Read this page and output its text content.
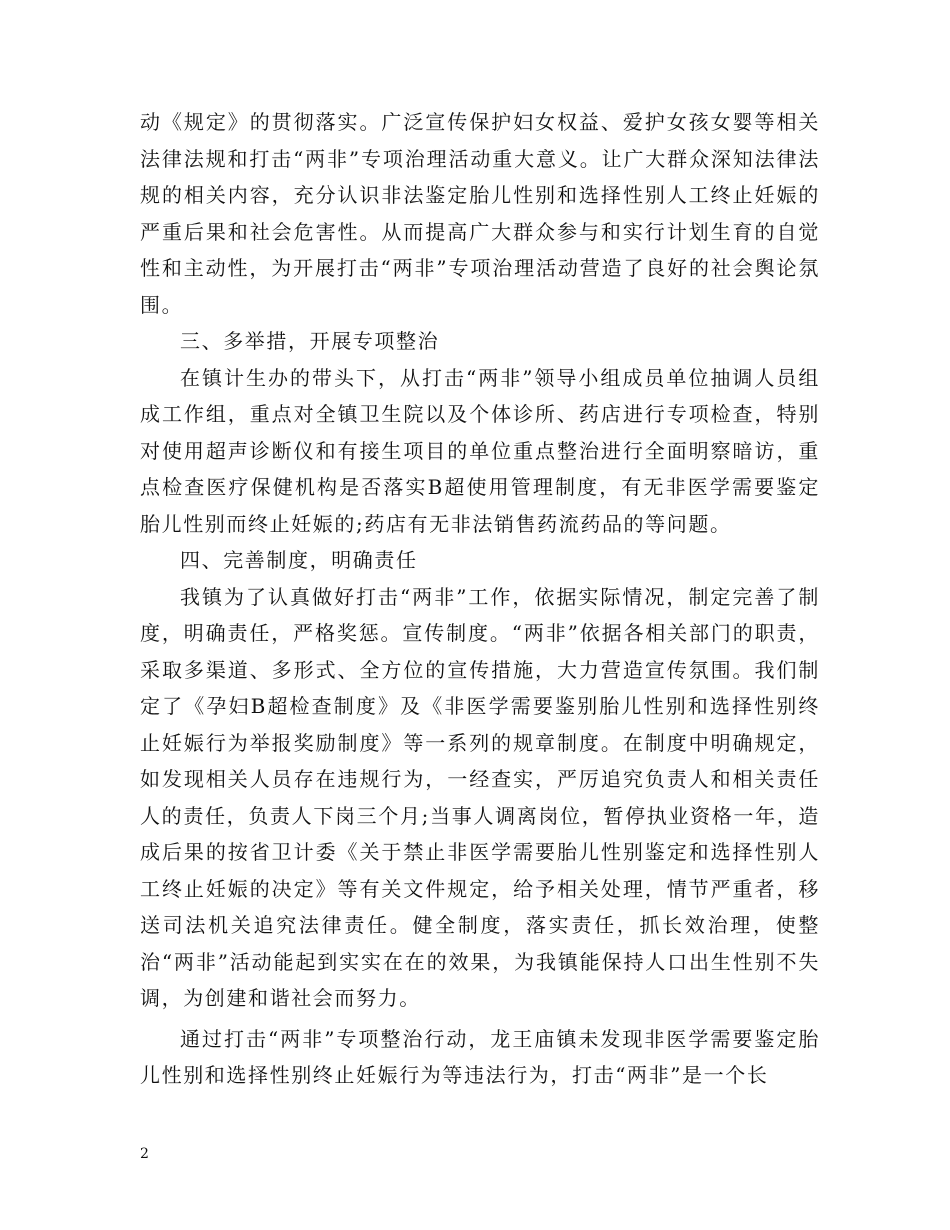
动《规定》的贯彻落实。广泛宣传保护妇女权益、爱护女孩女婴等相关法律法规和打击“两非”专项治理活动重大意义。让广大群众深知法律法规的相关内容，充分认识非法鉴定胎儿性别和选择性别人工终止妊娠的严重后果和社会危害性。从而提高广大群众参与和实行计划生育的自觉性和主动性，为开展打击“两非”专项治理活动营造了良好的社会舆论氛围。

三、多举措，开展专项整治

在镇计生办的带头下，从打击“两非”领导小组成员单位抽调人员组成工作组，重点对全镇卫生院以及个体诊所、药店进行专项检查，特别对使用超声诊断仪和有接生项目的单位重点整治进行全面明察暗访，重点检查医疗保健机构是否落实B超使用管理制度，有无非医学需要鉴定胎儿性别而终止妊娠的;药店有无非法销售药流药品的等问题。

四、完善制度，明确责任

我镇为了认真做好打击“两非”工作，依据实际情况，制定完善了制度，明确责任，严格奖惩。宣传制度。“两非”依据各相关部门的职责，采取多渠道、多形式、全方位的宣传措施，大力营造宣传氛围。我们制定了《孕妇B超检查制度》及《非医学需要鉴别胎儿性别和选择性别终止妊娠行为举报奖励制度》等一系列的规章制度。在制度中明确规定，如发现相关人员存在违规行为，一经查实，严厉追究负责人和相关责任人的责任，负责人下岗三个月;当事人调离岗位，暂停执业资格一年，造成后果的按省卫计委《关于禁止非医学需要胎儿性别鉴定和选择性别人工终止妊娠的决定》等有关文件规定，给予相关处理，情节严重者，移送司法机关追究法律责任。健全制度，落实责任，抓长效治理，使整治“两非”活动能起到实实在在的效果，为我镇能保持人口出生性别不失调，为创建和谐社会而努力。

通过打击“两非”专项整治行动，龙王庙镇未发现非医学需要鉴定胎儿性别和选择性别终止妊娠行为等违法行为，打击“两非”是一个长

2
